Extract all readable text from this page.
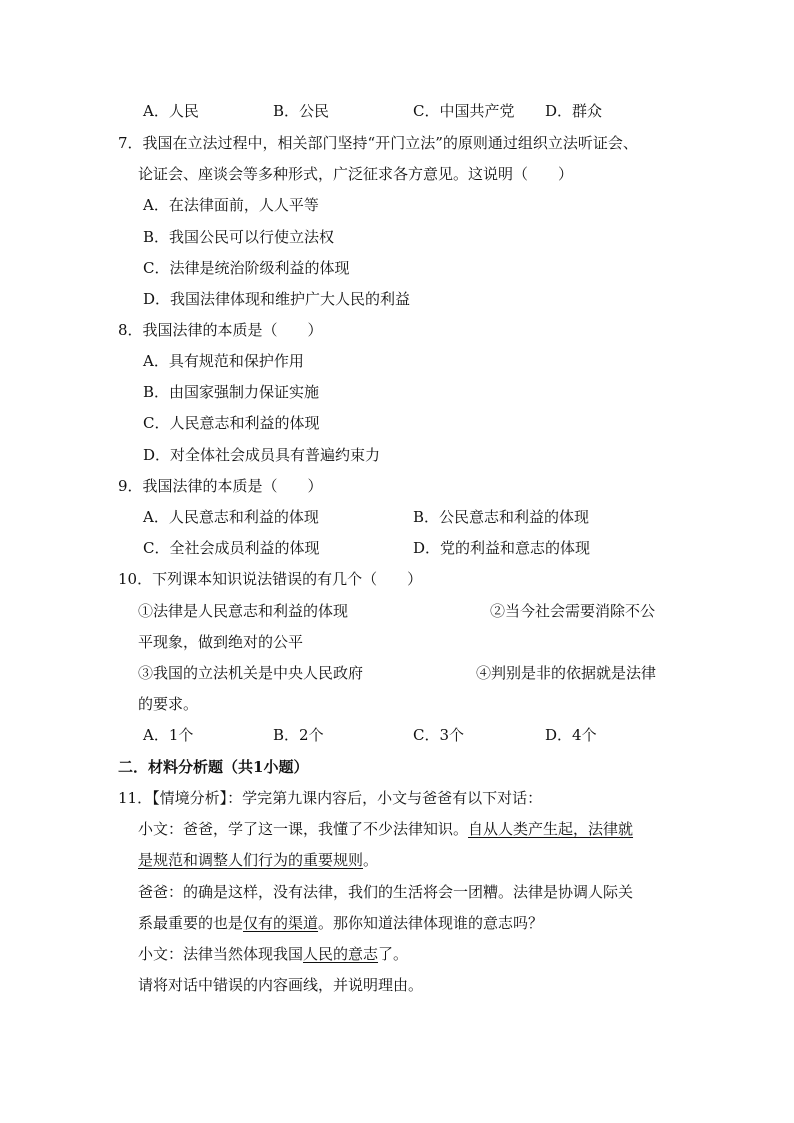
A．人民	B．公民	C．中国共产党 D．群众
7．我国在立法过程中，相关部门坚持“开门立法”的原则通过组织立法听证会、
论证会、座谈会等多种形式，广泛征求各方意见。这说明（　　）
A．在法律面前，人人平等
B．我国公民可以行使立法权
C．法律是统治阶级利益的体现
D．我国法律体现和维护广大人民的利益
8．我国法律的本质是（　　）
A．具有规范和保护作用
B．由国家强制力保证实施
C．人民意志和利益的体现
D．对全体社会成员具有普遍约束力
9．我国法律的本质是（　　）
A．人民意志和利益的体现	B．公民意志和利益的体现
C．全社会成员利益的体现	D．党的利益和意志的体现
10．下列课本知识说法错误的有几个（　　）
①法律是人民意志和利益的体现	②当今社会需要消除不公
平现象，做到绝对的公平
③我国的立法机关是中央人民政府	④判别是非的依据就是法律
的要求。
A．1个	B．2个	C．3个	D．4个
二．材料分析题（共1小题）
11．【情境分析】：学完第九课内容后，小文与爸爸有以下对话：
小文：爸爸，学了这一课，我懂了不少法律知识。自从人类产生起，法律就
是规范和调整人们行为的重要规则。
爸爸：的确是这样，没有法律，我们的生活将会一团糟。法律是协调人际关
系最重要的也是仅有的渠道。那你知道法律体现谁的意志吗？
小文：法律当然体现我国人民的意志了。
请将对话中错误的内容画线，并说明理由。
